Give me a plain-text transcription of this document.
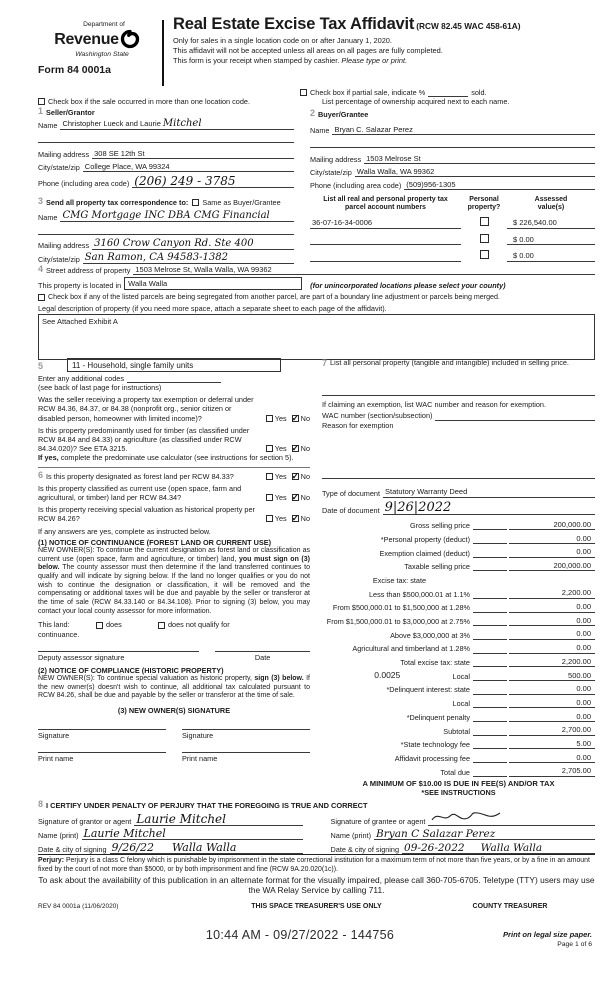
Department of
Revenue
Washington State
Form 84 0001a
Real Estate Excise Tax Affidavit (RCW 82.45 WAC 458-61A)
Only for sales in a single location code on or after January 1, 2020.
This affidavit will not be accepted unless all areas on all pages are fully completed.
This form is your receipt when stamped by cashier. Please type or print.
Check box if the sale occurred in more than one location code.
Check box if partial sale, indicate %	sold.
List percentage of ownership acquired next to each name.
1 Seller/Grantor
Name Christopher Lueck and Laurie Mitchel
Mailing address 308 SE 12th St
City/state/zip College Place, WA 99324
Phone (including area code) (206) 249 - 3785
2 Buyer/Grantee
Name Bryan C. Salazar Perez
Mailing address 1503 Melrose St
City/state/zip Walla Walla, WA 99362
Phone (including area code) (509)956-1305
3 Send all property tax correspondence to: Same as Buyer/Grantee
Name CMG Mortgage INC DBA CMG Financial
Mailing address 3160 Crow Canyon Rd. Ste 400
City/state/zip San Ramon, CA 94583-1382
List all real and personal property tax
parcel account numbers
Personal
property?
Assessed
value(s)
36-07-16-34-0006	$ 226,540.00
$ 0.00
$ 0.00
4 Street address of property 1503 Melrose St, Walla Walla, WA 99362
This property is located in Walla Walla	(for unincorporated locations please select your county)
Check box if any of the listed parcels are being segregated from another parcel, are part of a boundary line adjustment or parcels being merged.
Legal description of property (if you need more space, attach a separate sheet to each page of the affidavit).
See Attached Exhibit A
5	11 - Household, single family units
Enter any additional codes
(see back of last page for instructions)
Was the seller receiving a property tax exemption or deferral under RCW 84.36, 84.37, or 84.38 (nonprofit org., senior citizen or disabled person, homeowner with limited income)?	Yes ✓ No
Is this property predominantly used for timber (as classified under RCW 84.84 and 84.33) or agriculture (as classified under RCW 84.34.020)? See ETA 3215.	Yes ✓ No
If yes, complete the predominate use calculator (see instructions for section 5).
6 Is this property designated as forest land per RCW 84.33?	Yes ✓ No
Is this property classified as current use (open space, farm and agricultural, or timber) land per RCW 84.34?	Yes ✓ No
Is this property receiving special valuation as historical property per RCW 84.26?	Yes ✓ No
If any answers are yes, complete as instructed below.
(1) NOTICE OF CONTINUANCE (FOREST LAND OR CURRENT USE)
NEW OWNER(S): To continue the current designation as forest land or classification as current use (open space, farm and agriculture, or timber) land, you must sign on (3) below. The county assessor must then determine if the land transferred continues to qualify and will indicate by signing below. If the land no longer qualifies or you do not wish to continue the designation or classification, it will be removed and the compensating or additional taxes will be due and payable by the seller or transferor at the time of sale (RCW 84.33.140 or 84.34.108). Prior to signing (3) below, you may contact your local county assessor for more information.
This land:	does	does not qualify for
continuance.
Deputy assessor signature	Date
(2) NOTICE OF COMPLIANCE (HISTORIC PROPERTY)
NEW OWNER(S): To continue special valuation as historic property, sign (3) below. If the new owner(s) doesn't wish to continue, all additional tax calculated pursuant to RCW 84.26, shall be due and payable by the seller or transferor at the time of sale.
(3) NEW OWNER(S) SIGNATURE
Signature	Signature
Print name	Print name
7 List all personal property (tangible and intangible) included in selling price.
If claiming an exemption, list WAC number and reason for exemption.
WAC number (section/subsection)
Reason for exemption
Type of document Statutory Warranty Deed
Date of document 9|26|2022
Gross selling price	200,000.00
*Personal property (deduct)	0.00
Exemption claimed (deduct)	0.00
Taxable selling price	200,000.00
Excise tax: state
Less than $500,000.01 at 1.1%	2,200.00
From $500,000.01 to $1,500,000 at 1.28%	0.00
From $1,500,000.01 to $3,000,000 at 2.75%	0.00
Above $3,000,000 at 3%	0.00
Agricultural and timberland at 1.28%	0.00
Total excise tax: state	2,200.00
0.0025	Local	500.00
*Delinquent interest: state	0.00
Local	0.00
*Delinquent penalty	0.00
Subtotal	2,700.00
*State technology fee	5.00
Affidavit processing fee	0.00
Total due	2,705.00
A MINIMUM OF $10.00 IS DUE IN FEE(S) AND/OR TAX
*SEE INSTRUCTIONS
8 I CERTIFY UNDER PENALTY OF PERJURY THAT THE FOREGOING IS TRUE AND CORRECT
Signature of grantor or agent Laurie Mitchel
Name (print) Laurie Mitchel
Date & city of signing 9/26/22 Walla Walla
Signature of grantee or agent
Name (print) Bryan C Salazar Perez
Date & city of signing 09-26-2022 Walla Walla
Perjury: Perjury is a class C felony which is punishable by imprisonment in the state correctional institution for a maximum term of not more than five years, or by a fine in an amount fixed by the court of not more than $5000, or by both imprisonment and fine (RCW 9A.20.020(1c)).
To ask about the availability of this publication in an alternate format for the visually impaired, please call 360-705-6705. Teletype (TTY) users may use the WA Relay Service by calling 711.
REV 84 0001a (11/06/2020)	THIS SPACE TREASURER'S USE ONLY	COUNTY TREASURER
10:44 AM - 09/27/2022 - 144756	Print on legal size paper.
Page 1 of 6
